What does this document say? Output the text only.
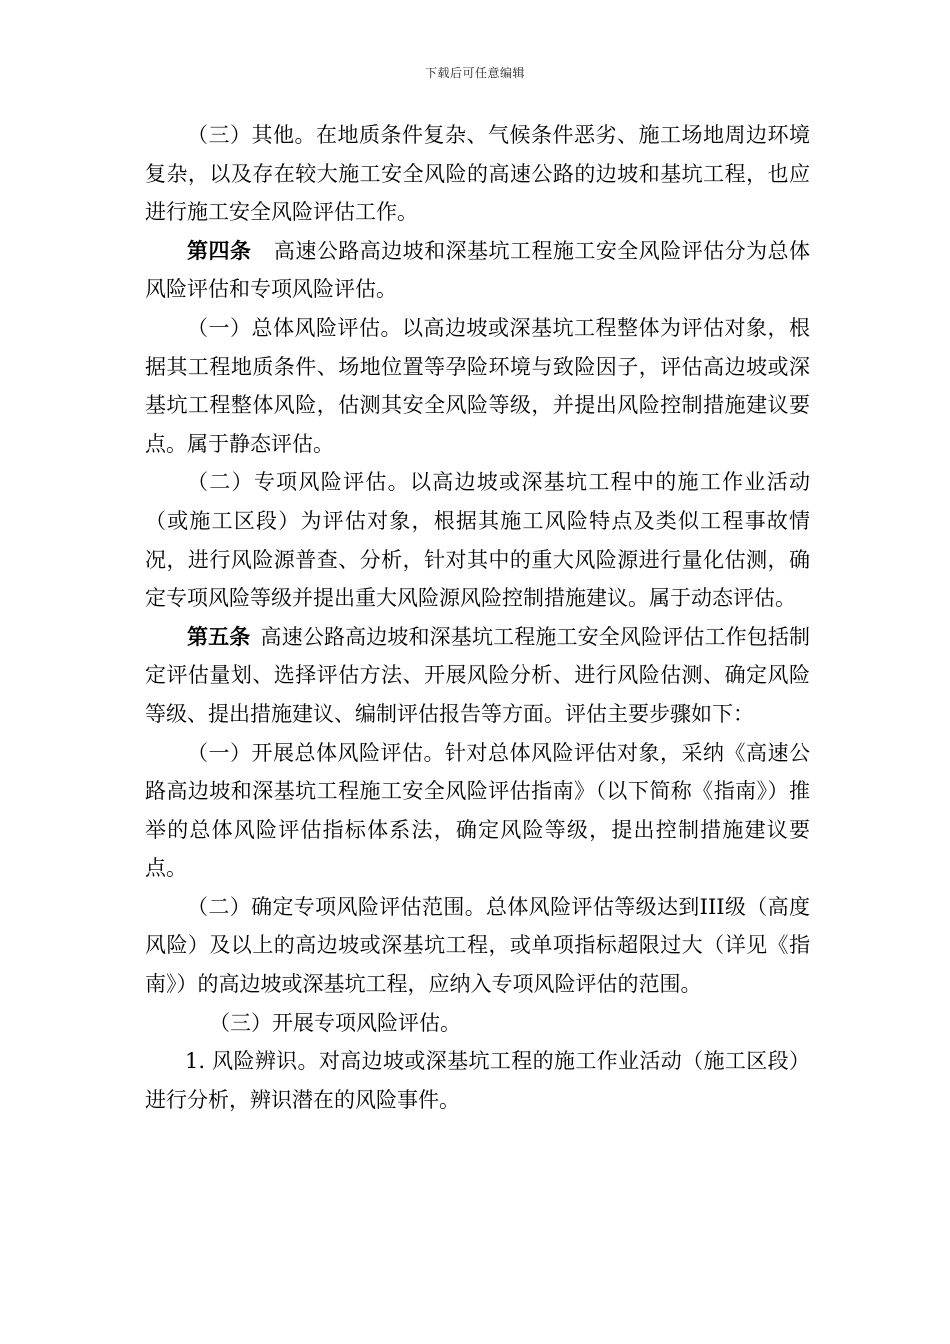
下载后可任意编辑

（三）其他。在地质条件复杂、气候条件恶劣、施工场地周边环境复杂，以及存在较大施工安全风险的高速公路的边坡和基坑工程，也应进行施工安全风险评估工作。

第四条 高速公路高边坡和深基坑工程施工安全风险评估分为总体风险评估和专项风险评估。

（一）总体风险评估。以高边坡或深基坑工程整体为评估对象，根据其工程地质条件、场地位置等孕险环境与致险因子，评估高边坡或深基坑工程整体风险，估测其安全风险等级，并提出风险控制措施建议要点。属于静态评估。

（二）专项风险评估。以高边坡或深基坑工程中的施工作业活动（或施工区段）为评估对象，根据其施工风险特点及类似工程事故情况，进行风险源普查、分析，针对其中的重大风险源进行量化估测，确定专项风险等级并提出重大风险源风险控制措施建议。属于动态评估。

第五条 高速公路高边坡和深基坑工程施工安全风险评估工作包括制定评估量划、选择评估方法、开展风险分析、进行风险估测、确定风险等级、提出措施建议、编制评估报告等方面。评估主要步骤如下：

（一）开展总体风险评估。针对总体风险评估对象，采纳《高速公路高边坡和深基坑工程施工安全风险评估指南》（以下简称《指南》）推举的总体风险评估指标体系法，确定风险等级，提出控制措施建议要点。

（二）确定专项风险评估范围。总体风险评估等级达到III级（高度风险）及以上的高边坡或深基坑工程，或单项指标超限过大（详见《指南》）的高边坡或深基坑工程，应纳入专项风险评估的范围。

（三）开展专项风险评估。

1. 风险辨识。对高边坡或深基坑工程的施工作业活动（施工区段）进行分析，辨识潜在的风险事件。
